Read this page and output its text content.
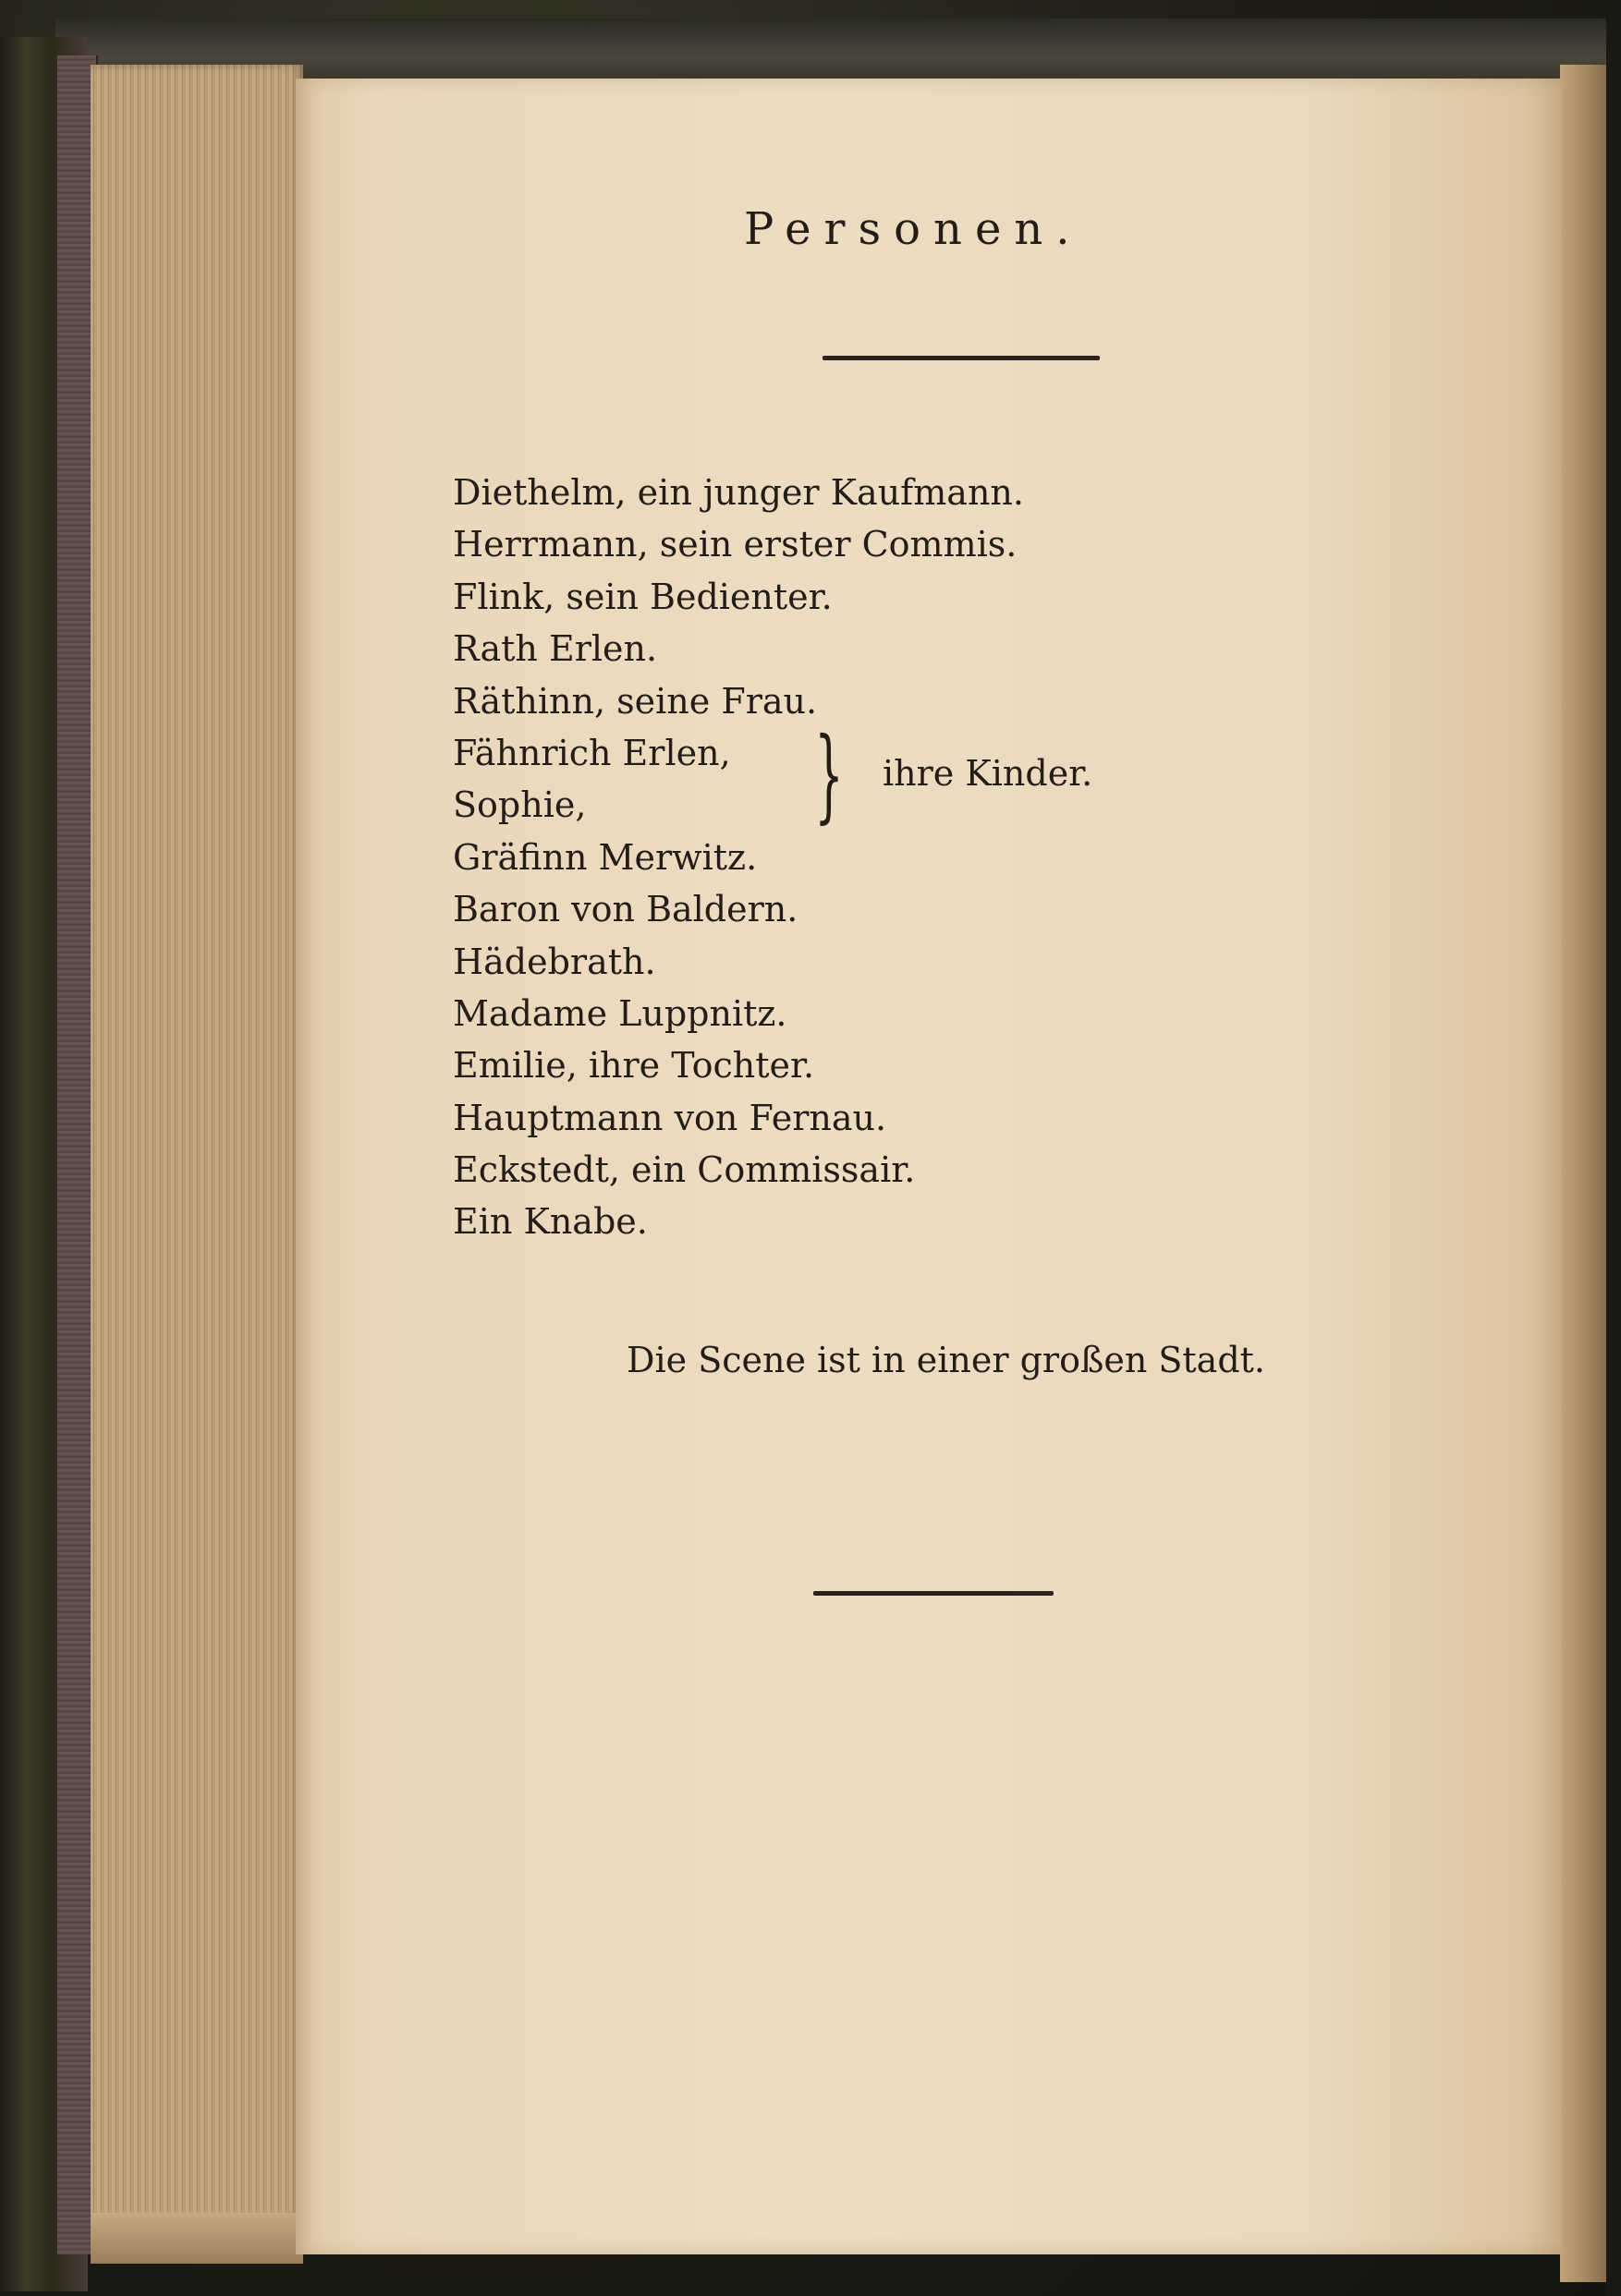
Personen.
Diethelm, ein junger Kaufmann.
Herrmann, sein erster Commis.
Flink, sein Bedienter.
Rath Erlen.
Räthinn, seine Frau.
Fähnrich Erlen,
Sophie,
Gräfinn Merwitz.
Baron von Baldern.
Hädebrath.
Madame Luppnitz.
Emilie, ihre Tochter.
Hauptmann von Fernau.
Eckstedt, ein Commissair.
Ein Knabe.
} ihre Kinder.
Die Scene ist in einer großen Stadt.
